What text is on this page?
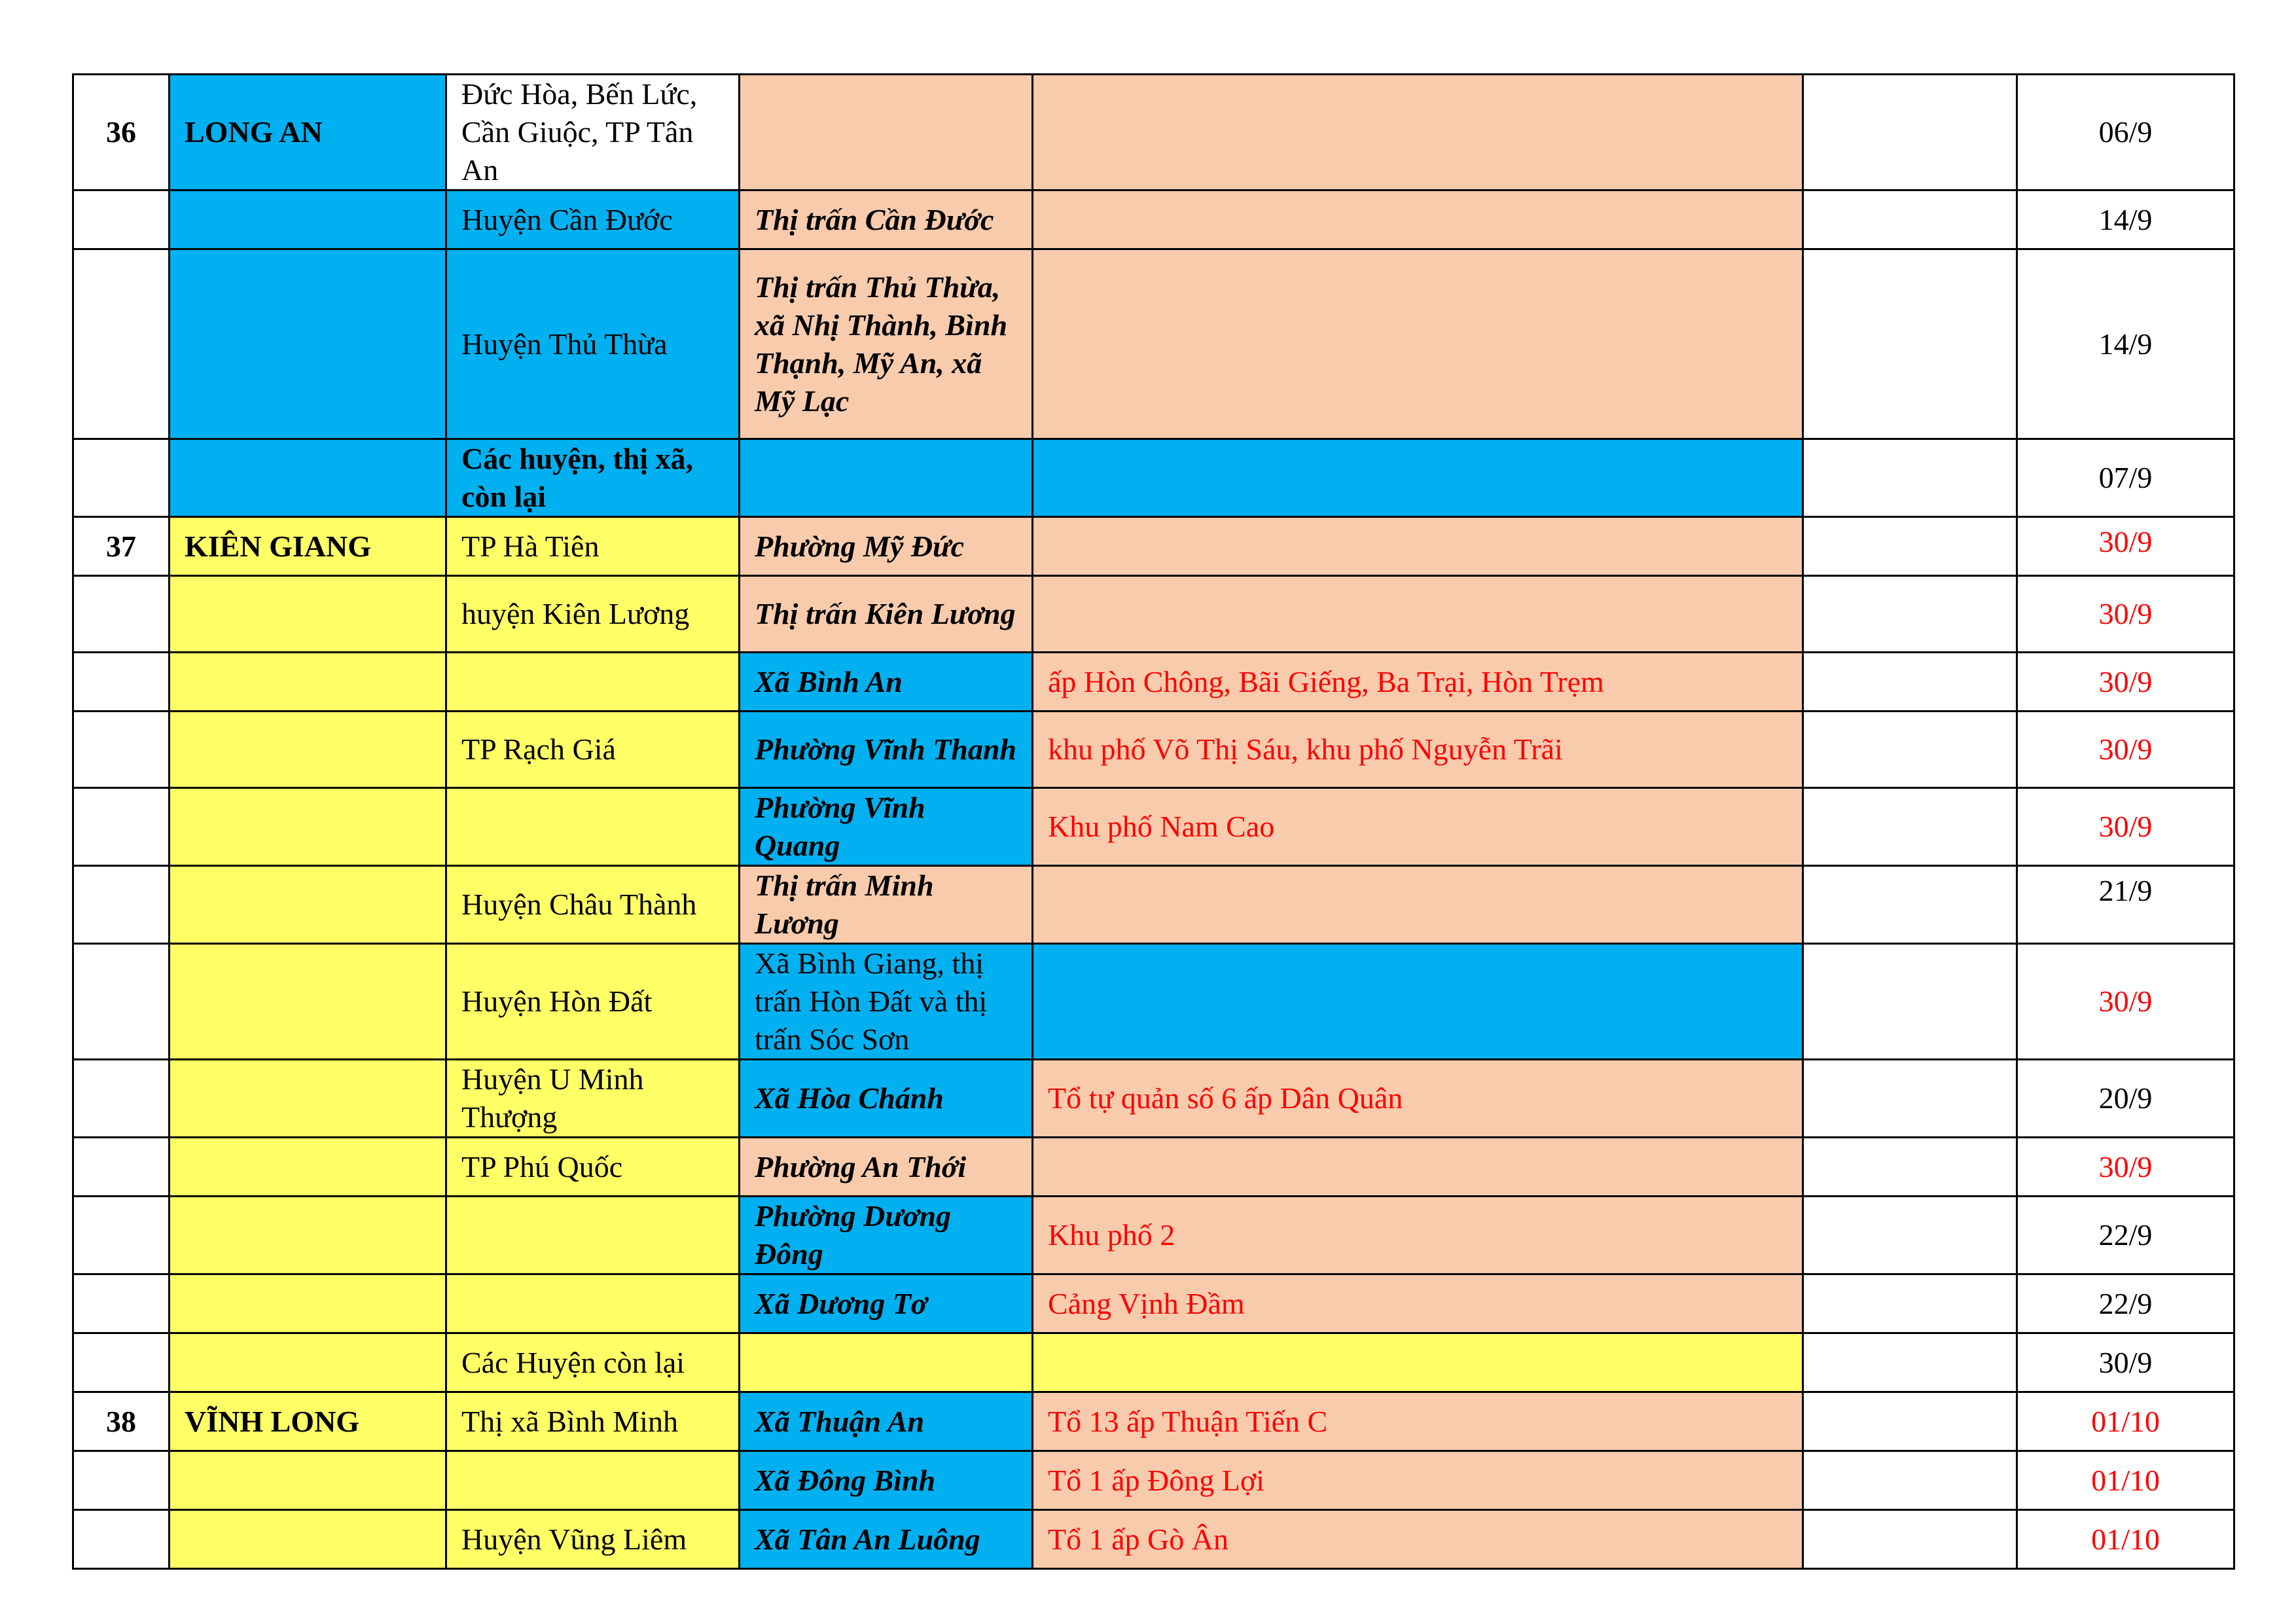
36	LONG AN	Đức Hòa, Bến Lức, Cần Giuộc, TP Tân An				06/9
		Huyện Cần Đước	Thị trấn Cần Đước			14/9
		Huyện Thủ Thừa	Thị trấn Thủ Thừa, xã Nhị Thành, Bình Thạnh, Mỹ An, xã Mỹ Lạc			14/9
		Các huyện, thị xã, còn lại				07/9
37	KIÊN GIANG	TP Hà Tiên	Phường Mỹ Đức			30/9
		huyện Kiên Lương	Thị trấn Kiên Lương			30/9
			Xã Bình An	ấp Hòn Chông, Bãi Giếng, Ba Trại, Hòn Trẹm		30/9
		TP Rạch Giá	Phường Vĩnh Thanh	khu phố Võ Thị Sáu, khu phố Nguyễn Trãi		30/9
			Phường Vĩnh Quang	Khu phố Nam Cao		30/9
		Huyện Châu Thành	Thị trấn Minh Lương			21/9
		Huyện Hòn Đất	Xã Bình Giang, thị trấn Hòn Đất và thị trấn Sóc Sơn			30/9
		Huyện U Minh Thượng	Xã Hòa Chánh	Tổ tự quản số 6 ấp Dân Quân		20/9
		TP Phú Quốc	Phường An Thới			30/9
			Phường Dương Đông	Khu phố 2		22/9
			Xã Dương Tơ	Cảng Vịnh Đầm		22/9
		Các Huyện còn lại				30/9
38	VĨNH LONG	Thị xã Bình Minh	Xã Thuận An	Tổ 13 ấp Thuận Tiến C		01/10
			Xã Đông Bình	Tổ 1 ấp Đông Lợi		01/10
		Huyện Vũng Liêm	Xã Tân An Luông	Tổ 1 ấp Gò Ân		01/10
